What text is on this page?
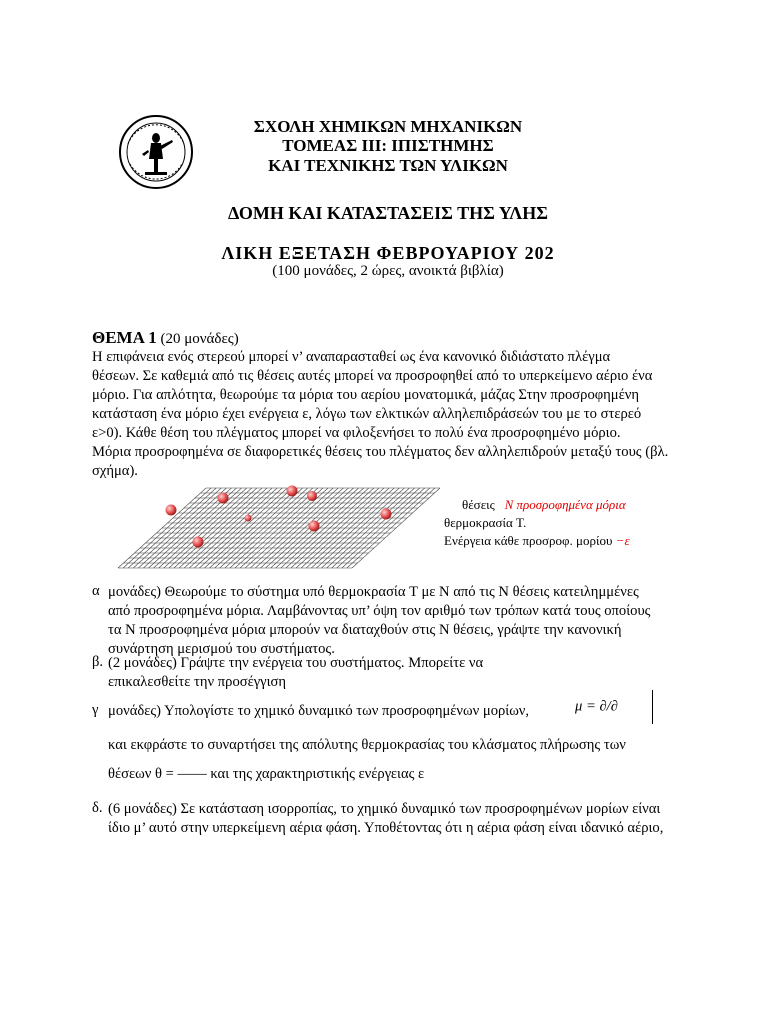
ΣΧΟΛΗ ΧΗΜΙΚΩΝ ΜΗΧΑΝΙΚΩΝ
ΤΟΜΕΑΣ ΙΙΙ: ΙΠΙΣΤΗΜΗΣ
ΚΑΙ ΤΕΧΝΙΚΗΣ ΤΩΝ ΥΛΙΚΩΝ
ΔΟΜΗ ΚΑΙ ΚΑΤΑΣΤΑΣΕΙΣ ΤΗΣ ΥΛΗΣ
ΛΙΚΗ ΕΞΕΤΑΣΗ ΦΕΒΡΟΥΑΡΙΟΥ 202
(100 μονάδες, 2 ώρες, ανοικτά βιβλία)
ΘΕΜΑ 1 (20 μονάδες)
Η επιφάνεια ενός στερεού μπορεί ν’ αναπαρασταθεί ως ένα κανονικό διδιάστατο πλέγμα
θέσεων. Σε καθεμιά από τις θέσεις αυτές μπορεί να προσροφηθεί από το υπερκείμενο αέριο ένα
μόριο. Για απλότητα, θεωρούμε τα μόρια του αερίου μονατομικά, μάζας Στην προσροφημένη
κατάσταση ένα μόριο έχει ενέργεια ε, λόγω των ελκτικών αλληλεπιδράσεών του με το στερεό
ε>0). Κάθε θέση του πλέγματος μπορεί να φιλοξενήσει το πολύ ένα προσροφημένο μόριο.
Μόρια προσροφημένα σε διαφορετικές θέσεις του πλέγματος δεν αλληλεπιδρούν μεταξύ τους (βλ.
σχήμα).
θέσεις N προσροφημένα μόρια
θερμοκρασία T.
Ενέργεια κάθε προσροφ. μορίου −ε
α μονάδες) Θεωρούμε το σύστημα υπό θερμοκρασία T με N από τις N θέσεις κατειλημμένες
από προσροφημένα μόρια. Λαμβάνοντας υπ’ όψη τον αριθμό των τρόπων κατά τους οποίους
τα N προσροφημένα μόρια μπορούν να διαταχθούν στις N θέσεις, γράψτε την κανονική
συνάρτηση μερισμού του συστήματος.
β. (2 μονάδες) Γράψτε την ενέργεια του συστήματος. Μπορείτε να
επικαλεσθείτε την προσέγγιση
γ μονάδες) Υπολογίστε το χημικό δυναμικό των προσροφημένων μορίων,	μ = ∂/∂
και εκφράστε το συναρτήσει της απόλυτης θερμοκρασίας του κλάσματος πλήρωσης των
θέσεων θ = —— και της χαρακτηριστικής ενέργειας ε
δ. (6 μονάδες) Σε κατάσταση ισορροπίας, το χημικό δυναμικό των προσροφημένων μορίων είναι
ίδιο μ’ αυτό στην υπερκείμενη αέρια φάση. Υποθέτοντας ότι η αέρια φάση είναι ιδανικό αέριο,
